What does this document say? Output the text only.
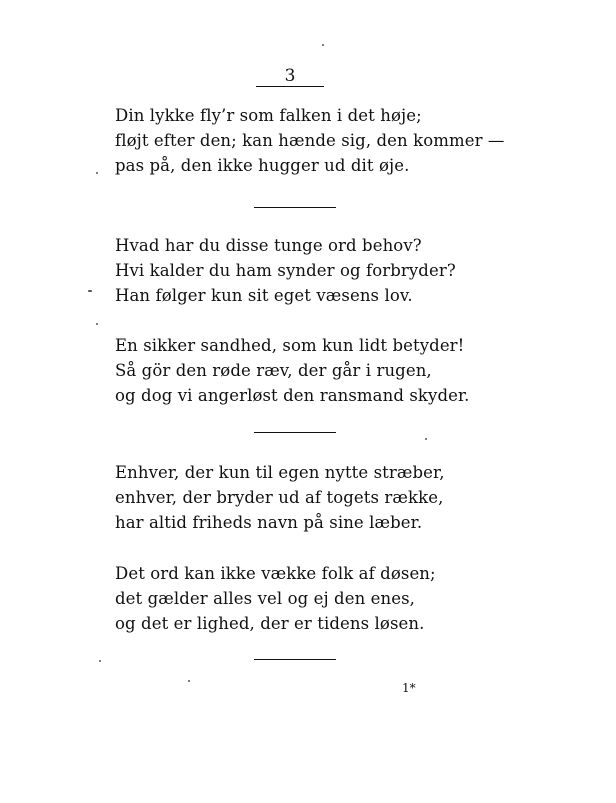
3
Din lykke fly’r som falken i det høje;
fløjt efter den; kan hænde sig, den kommer —
pas på, den ikke hugger ud dit øje.
Hvad har du disse tunge ord behov?
Hvi kalder du ham synder og forbryder?
Han følger kun sit eget væsens lov.
En sikker sandhed, som kun lidt betyder!
Så gör den røde ræv, der går i rugen,
og dog vi angerløst den ransmand skyder.
Enhver, der kun til egen nytte stræber,
enhver, der bryder ud af togets række,
har altid friheds navn på sine læber.
Det ord kan ikke vække folk af døsen;
det gælder alles vel og ej den enes,
og det er lighed, der er tidens løsen.
1*
